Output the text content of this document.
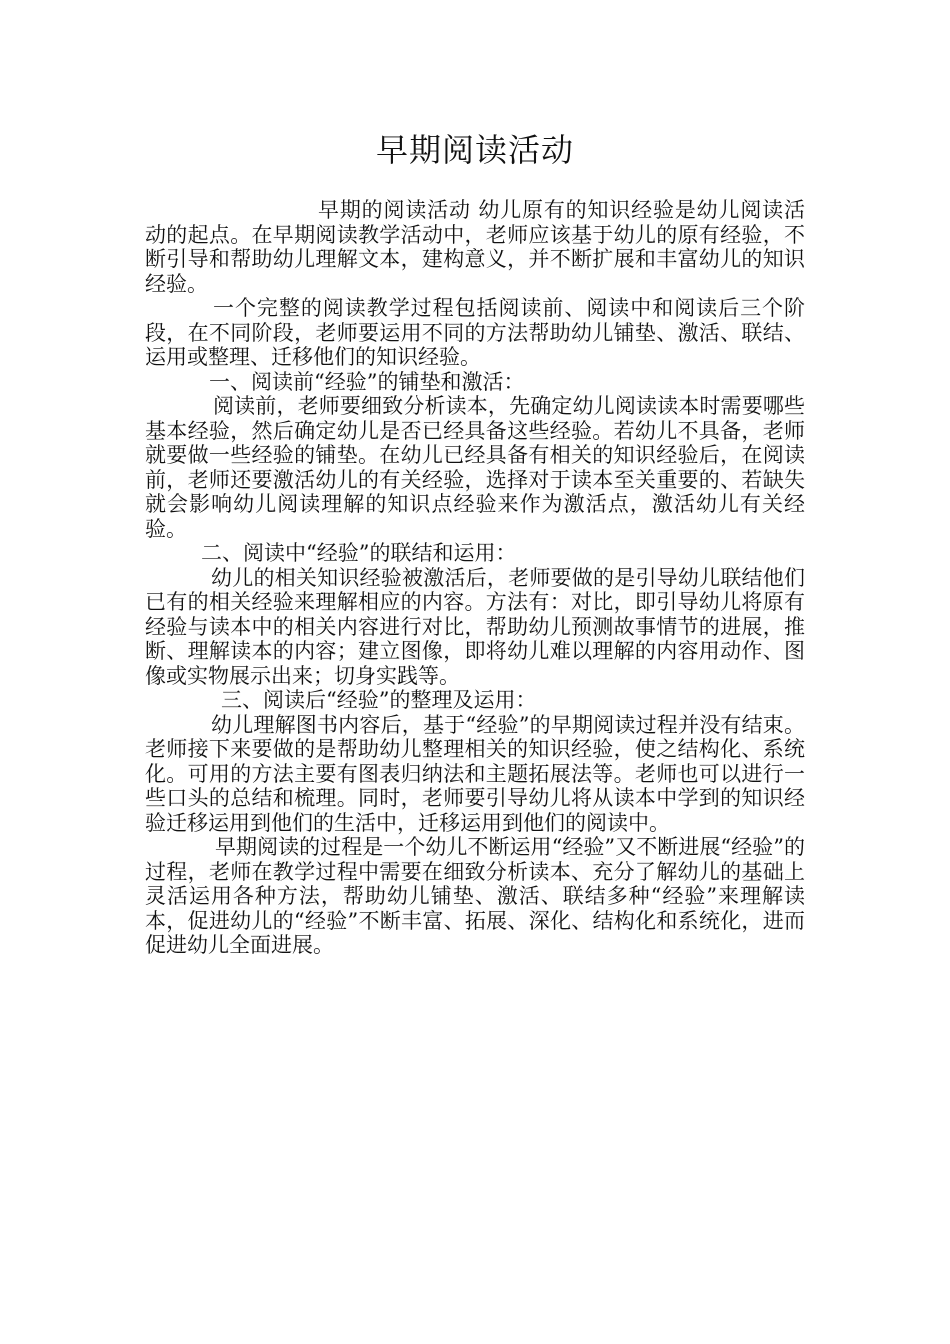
早期阅读活动

早期的阅读活动 幼儿原有的知识经验是幼儿阅读活动的起点。在早期阅读教学活动中，老师应该基于幼儿的原有经验，不断引导和帮助幼儿理解文本，建构意义，并不断扩展和丰富幼儿的知识经验。

一个完整的阅读教学过程包括阅读前、阅读中和阅读后三个阶段，在不同阶段，老师要运用不同的方法帮助幼儿铺垫、激活、联结、运用或整理、迁移他们的知识经验。

一、阅读前“经验”的铺垫和激活：

阅读前，老师要细致分析读本，先确定幼儿阅读读本时需要哪些基本经验，然后确定幼儿是否已经具备这些经验。若幼儿不具备，老师就要做一些经验的铺垫。在幼儿已经具备有相关的知识经验后，在阅读前，老师还要激活幼儿的有关经验，选择对于读本至关重要的、若缺失就会影响幼儿阅读理解的知识点经验来作为激活点，激活幼儿有关经验。

二、阅读中“经验”的联结和运用：

幼儿的相关知识经验被激活后，老师要做的是引导幼儿联结他们已有的相关经验来理解相应的内容。方法有：对比，即引导幼儿将原有经验与读本中的相关内容进行对比，帮助幼儿预测故事情节的进展，推断、理解读本的内容；建立图像，即将幼儿难以理解的内容用动作、图像或实物展示出来；切身实践等。

三、阅读后“经验”的整理及运用：

幼儿理解图书内容后，基于“经验”的早期阅读过程并没有结束。老师接下来要做的是帮助幼儿整理相关的知识经验，使之结构化、系统化。可用的方法主要有图表归纳法和主题拓展法等。老师也可以进行一些口头的总结和梳理。同时，老师要引导幼儿将从读本中学到的知识经验迁移运用到他们的生活中，迁移运用到他们的阅读中。

早期阅读的过程是一个幼儿不断运用“经验”又不断进展“经验”的过程，老师在教学过程中需要在细致分析读本、充分了解幼儿的基础上灵活运用各种方法，帮助幼儿铺垫、激活、联结多种“经验”来理解读本，促进幼儿的“经验”不断丰富、拓展、深化、结构化和系统化，进而促进幼儿全面进展。
